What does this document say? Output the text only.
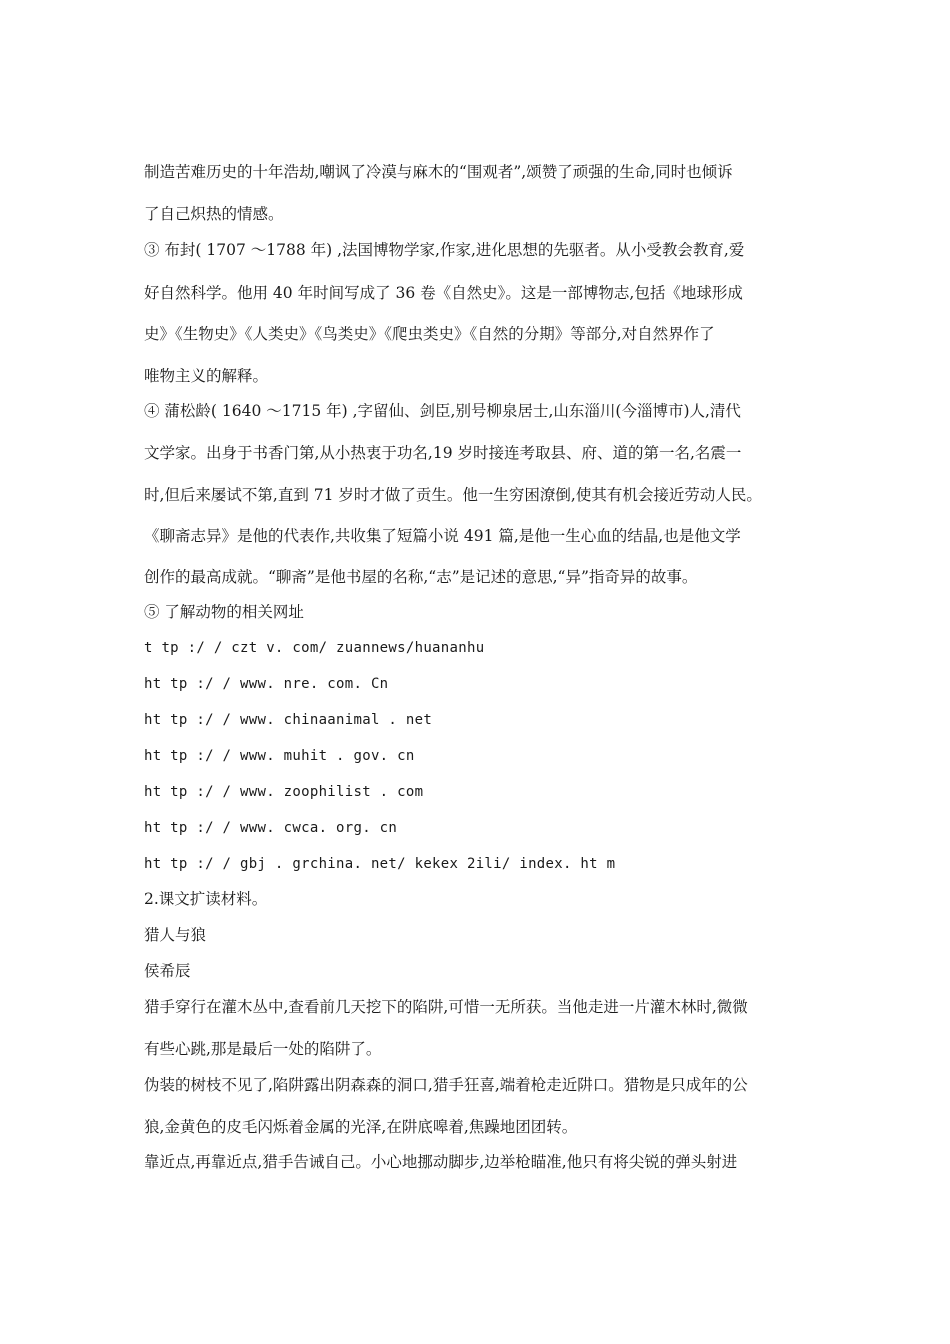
制造苦难历史的十年浩劫,嘲讽了冷漠与麻木的“围观者”,颂赞了顽强的生命,同时也倾诉
了自己炽热的情感。
③ 布封( 1707 ～1788 年) ,法国博物学家,作家,进化思想的先驱者。从小受教会教育,爱
好自然科学。他用 40 年时间写成了 36 卷《自然史》。这是一部博物志,包括《地球形成
史》《生物史》《人类史》《鸟类史》《爬虫类史》《自然的分期》等部分,对自然界作了
唯物主义的解释。
④ 蒲松龄( 1640 ～1715 年) ,字留仙、剑臣,别号柳泉居士,山东淄川(今淄博市)人,清代
文学家。出身于书香门第,从小热衷于功名,19 岁时接连考取县、府、道的第一名,名震一
时,但后来屡试不第,直到 71 岁时才做了贡生。他一生穷困潦倒,使其有机会接近劳动人民。
《聊斋志异》是他的代表作,共收集了短篇小说 491 篇,是他一生心血的结晶,也是他文学
创作的最高成就。“聊斋”是他书屋的名称,“志”是记述的意思,“异”指奇异的故事。
⑤ 了解动物的相关网址
t tp :/ / czt v. com/ zuannews/huananhu
ht tp :/ / www. nre. com. Cn
ht tp :/ / www. chinaanimal . net
ht tp :/ / www. muhit . gov. cn
ht tp :/ / www. zoophilist . com
ht tp :/ / www. cwca. org. cn
ht tp :/ / gbj . grchina. net/ kekex 2ili/ index. ht m
2.课文扩读材料。
猎人与狼
侯希辰
猎手穿行在灌木丛中,查看前几天挖下的陷阱,可惜一无所获。当他走进一片灌木林时,微微
有些心跳,那是最后一处的陷阱了。
伪装的树枝不见了,陷阱露出阴森森的洞口,猎手狂喜,端着枪走近阱口。猎物是只成年的公
狼,金黄色的皮毛闪烁着金属的光泽,在阱底嗥着,焦躁地团团转。
靠近点,再靠近点,猎手告诫自己。小心地挪动脚步,边举枪瞄准,他只有将尖锐的弹头射进
